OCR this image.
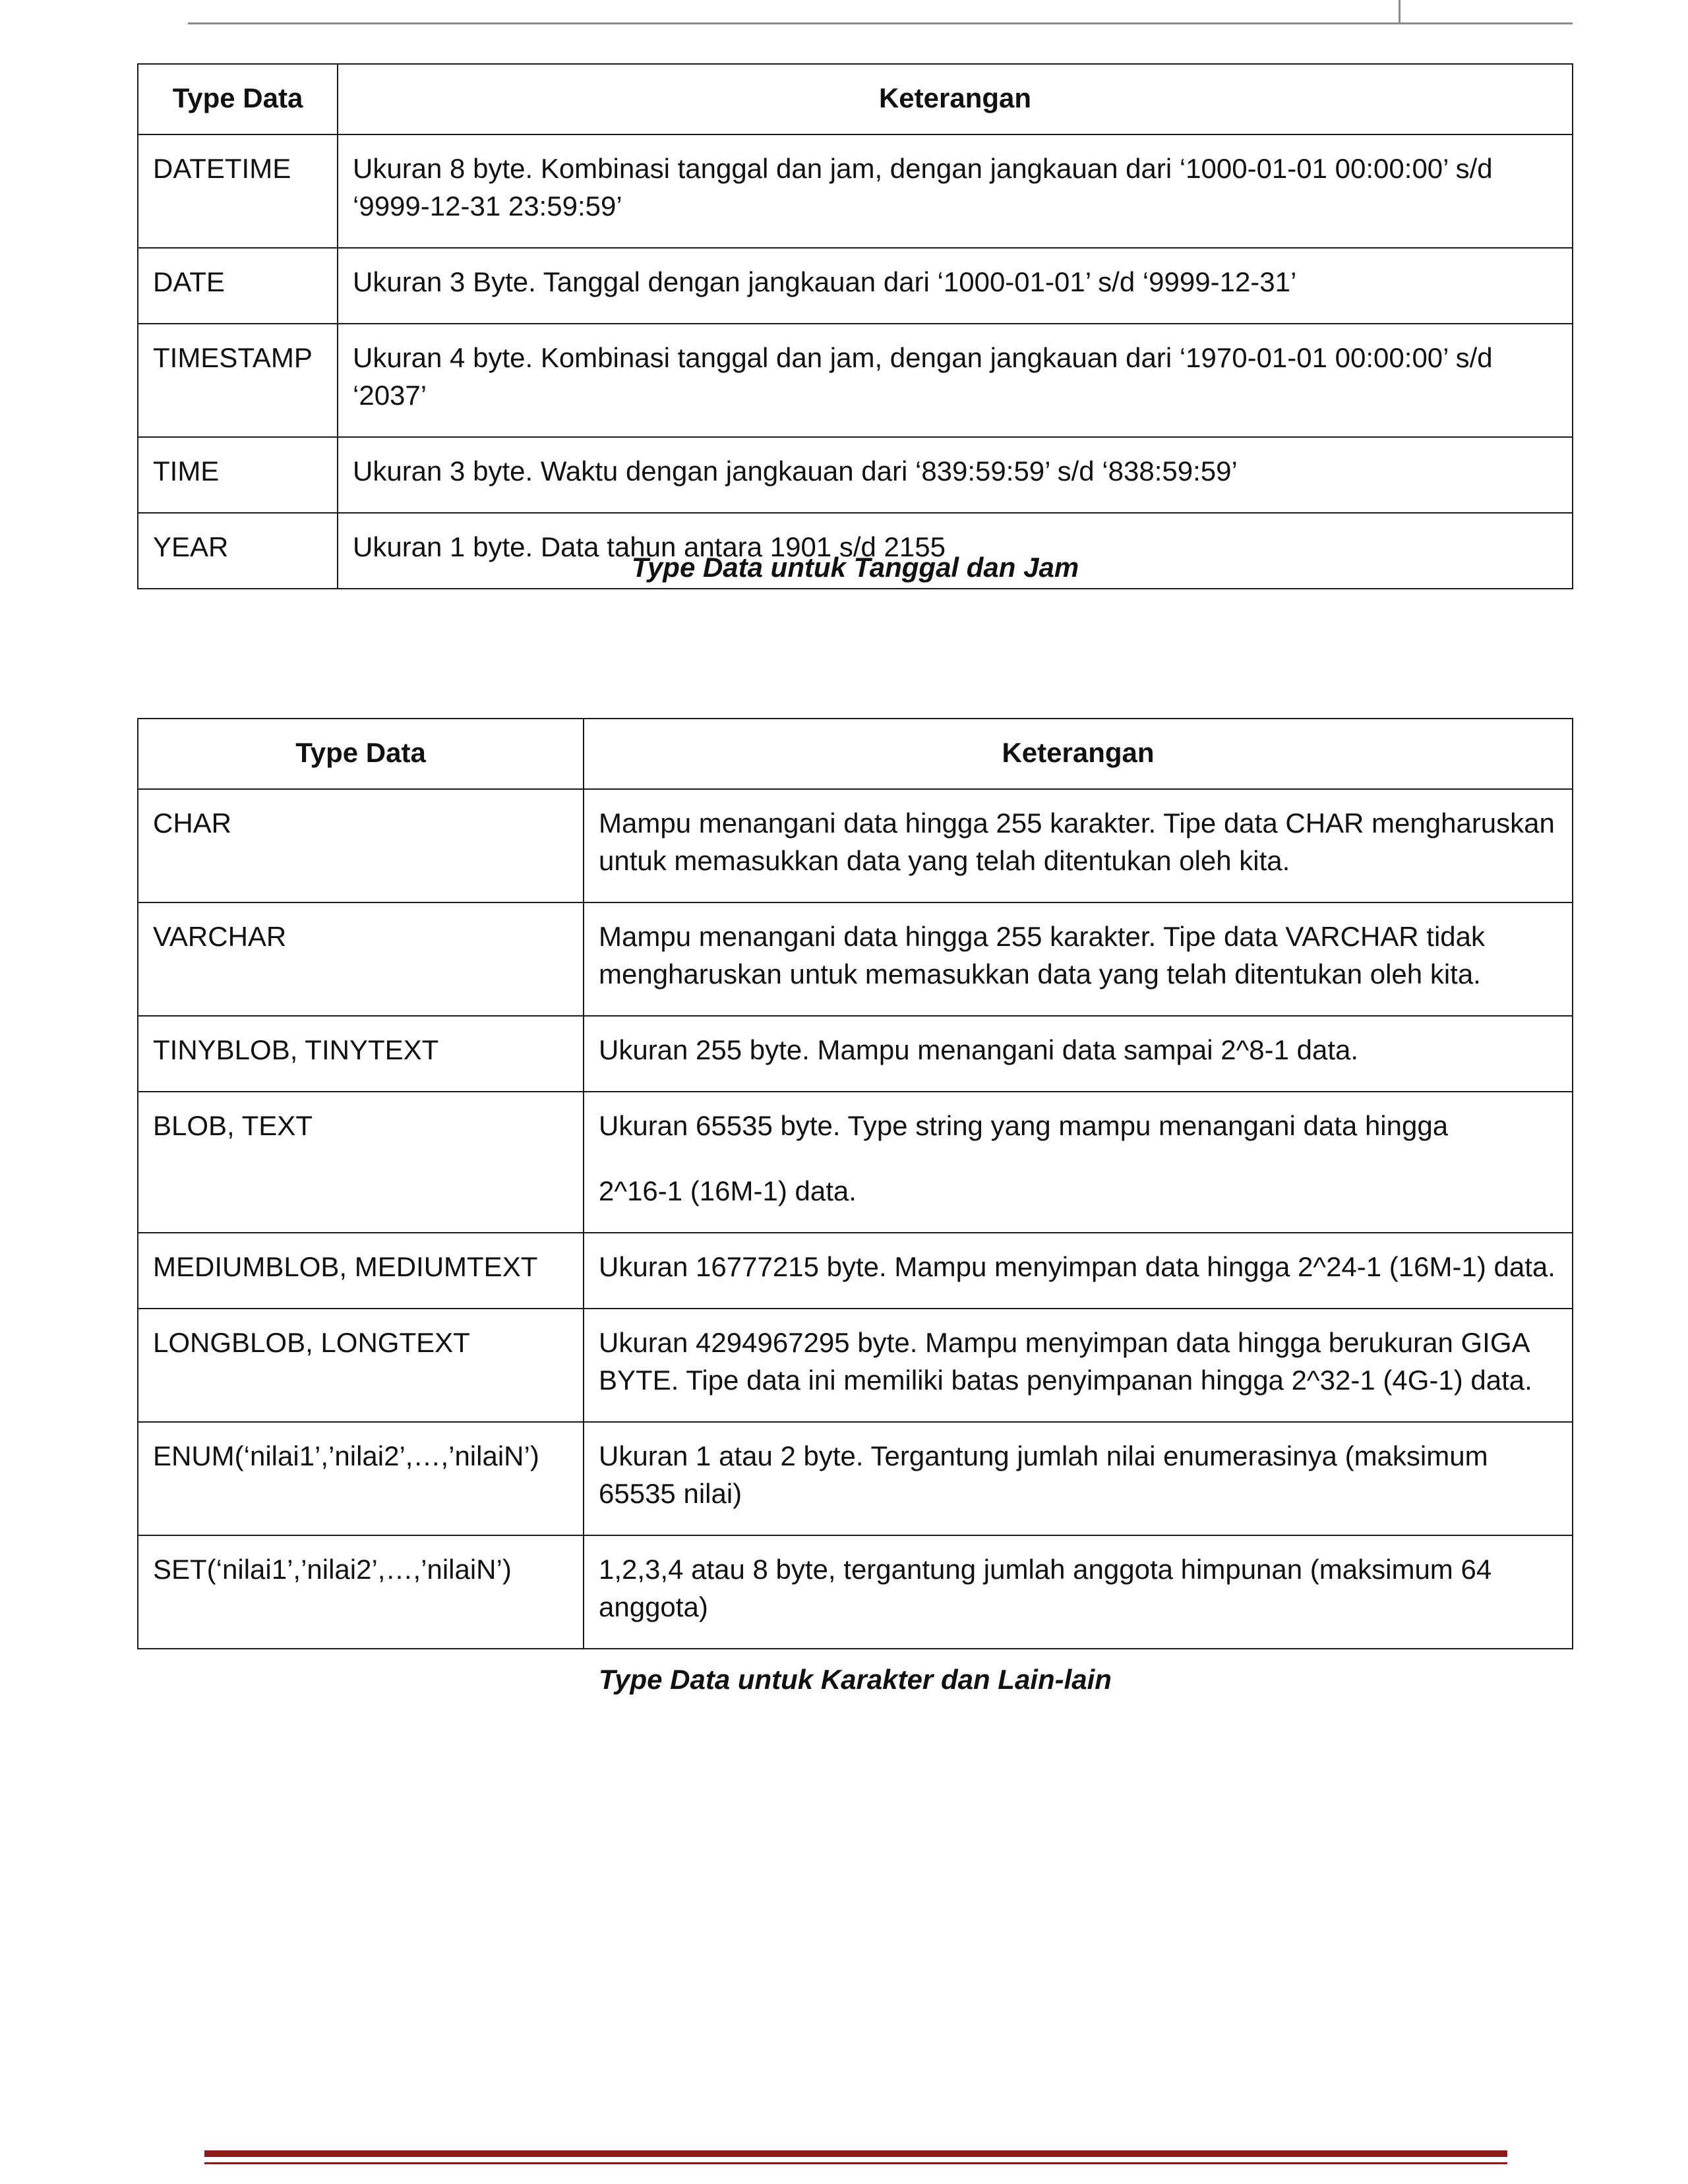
Type Data	Keterangan
DATETIME	Ukuran 8 byte. Kombinasi tanggal dan jam, dengan jangkauan dari ‘1000-01-01 00:00:00’ s/d ‘9999-12-31 23:59:59’
DATE	Ukuran 3 Byte. Tanggal dengan jangkauan dari ‘1000-01-01’ s/d ‘9999-12-31’
TIMESTAMP	Ukuran 4 byte. Kombinasi tanggal dan jam, dengan jangkauan dari ‘1970-01-01 00:00:00’ s/d ‘2037’
TIME	Ukuran 3 byte. Waktu dengan jangkauan dari ‘839:59:59’ s/d ‘838:59:59’
YEAR	Ukuran 1 byte. Data tahun antara 1901 s/d 2155
Type Data untuk Tanggal dan Jam
Type Data	Keterangan
CHAR	Mampu menangani data hingga 255 karakter. Tipe data CHAR mengharuskan untuk memasukkan data yang telah ditentukan oleh kita.
VARCHAR	Mampu menangani data hingga 255 karakter. Tipe data VARCHAR tidak mengharuskan untuk memasukkan data yang telah ditentukan oleh kita.
TINYBLOB, TINYTEXT	Ukuran 255 byte. Mampu menangani data sampai 2^8-1 data.
BLOB, TEXT	Ukuran 65535 byte. Type string yang mampu menangani data hingga
2^16-1 (16M-1) data.
MEDIUMBLOB, MEDIUMTEXT	Ukuran 16777215 byte. Mampu menyimpan data hingga 2^24-1 (16M-1) data.
LONGBLOB, LONGTEXT	Ukuran 4294967295 byte. Mampu menyimpan data hingga berukuran GIGA BYTE. Tipe data ini memiliki batas penyimpanan hingga 2^32-1 (4G-1) data.
ENUM(‘nilai1’,’nilai2’,…,’nilaiN’)	Ukuran 1 atau 2 byte. Tergantung jumlah nilai enumerasinya (maksimum 65535 nilai)
SET(‘nilai1’,’nilai2’,…,’nilaiN’)	1,2,3,4 atau 8 byte, tergantung jumlah anggota himpunan (maksimum 64 anggota)
Type Data untuk Karakter dan Lain-lain
